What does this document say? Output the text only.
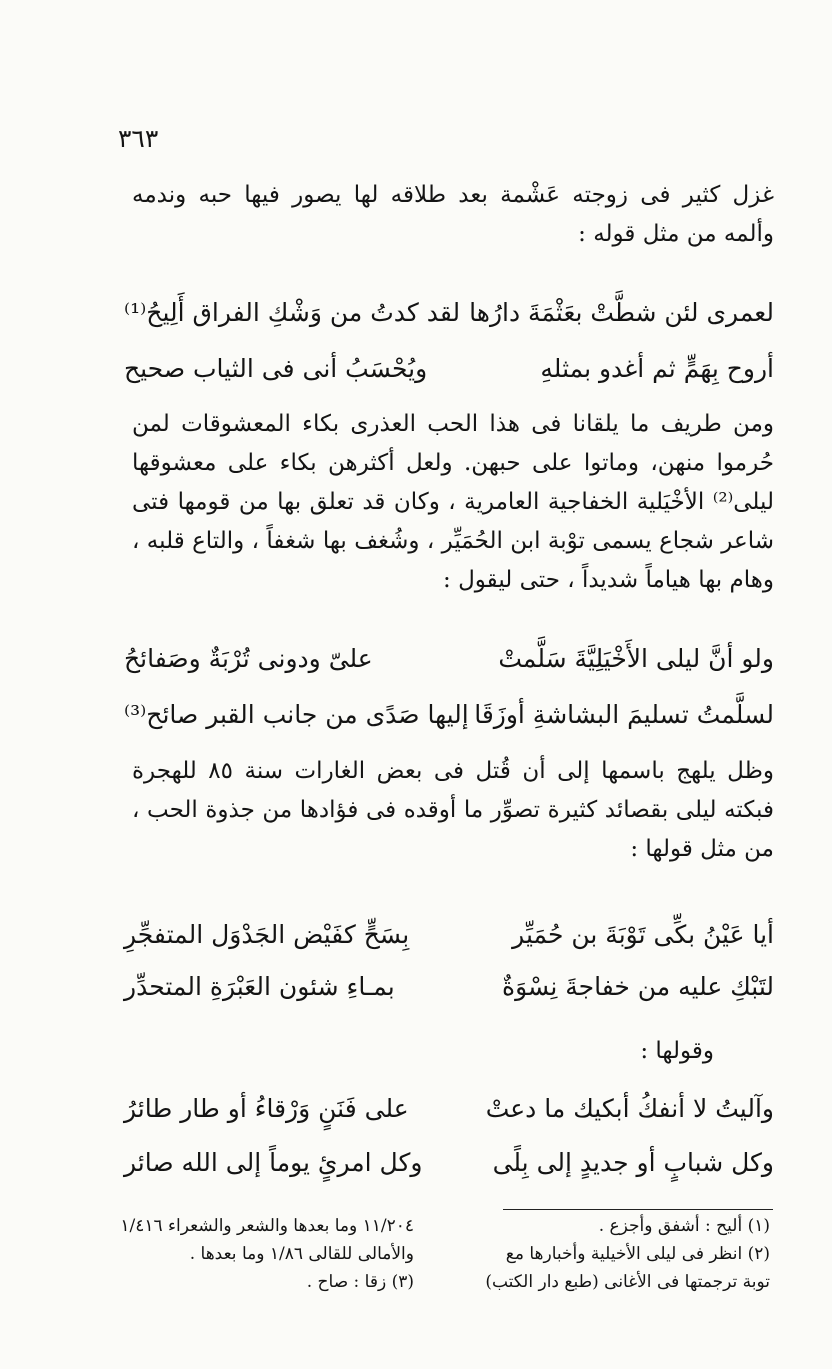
٣٦٣
غزل كثير فى زوجته عَشْمة بعد طلاقه لها يصور فيها حبه وندمه وألمه من مثل قوله :
لعمرى لئن شطَّتْ بعَثْمَةَ دارُها
لقد كدتُ من وَشْكِ الفراق أَلِيحُ⁽¹⁾
أروح بِهَمٍّ ثم أغدو بمثلهِ
ويُحْسَبُ أنى فى الثياب صحيح
ومن طريف ما يلقانا فى هذا الحب العذرى بكاء المعشوقات لمن حُرموا منهن، وماتوا على حبهن. ولعل أكثرهن بكاء على معشوقها ليلى⁽²⁾ الأخْيَلية الخفاجية العامرية ، وكان قد تعلق بها من قومها فتى شاعر شجاع يسمى توْبة ابن الحُمَيِّر ، وشُغف بها شغفاً ، والتاع قلبه ، وهام بها هياماً شديداً ، حتى ليقول :
ولو أنَّ ليلى الأَخْيَلِيَّةَ سَلَّمتْ
علىّ ودونى تُرْبَةٌ وصَفائحُ
لسلَّمتُ تسليمَ البشاشةِ أوزَقَا
إليها صَدًى من جانب القبر صائح⁽³⁾
وظل يلهج باسمها إلى أن قُتل فى بعض الغارات سنة ٨٥ للهجرة فبكته ليلى بقصائد كثيرة تصوِّر ما أوقده فى فؤادها من جذوة الحب ، من مثل قولها :
أيا عَيْنُ بكِّى تَوْبَةَ بن حُمَيِّر
بِسَحٍّ كفَيْض الجَدْوَل المتفجِّرِ
لتَبْكِ عليه من خفاجةَ نِسْوَةٌ
بمـاءِ شئون العَبْرَةِ المتحدِّر
وقولها :
وآليتُ لا أنفكُ أبكيك ما دعتْ
على فَنَنٍ وَرْقاءُ أو طار طائرُ
وكل شبابٍ أو جديدٍ إلى بِلًى
وكل امرئٍ يوماً إلى الله صائر
(١) أليح : أشفق وأجزع .
(٢) انظر فى ليلى الأخيلية وأخبارها مع
توبة ترجمتها فى الأغانى (طبع دار الكتب)
١١/٢٠٤ وما بعدها والشعر والشعراء ١/٤١٦
والأمالى للقالى ١/٨٦ وما بعدها .
(٣) زقا : صاح .
